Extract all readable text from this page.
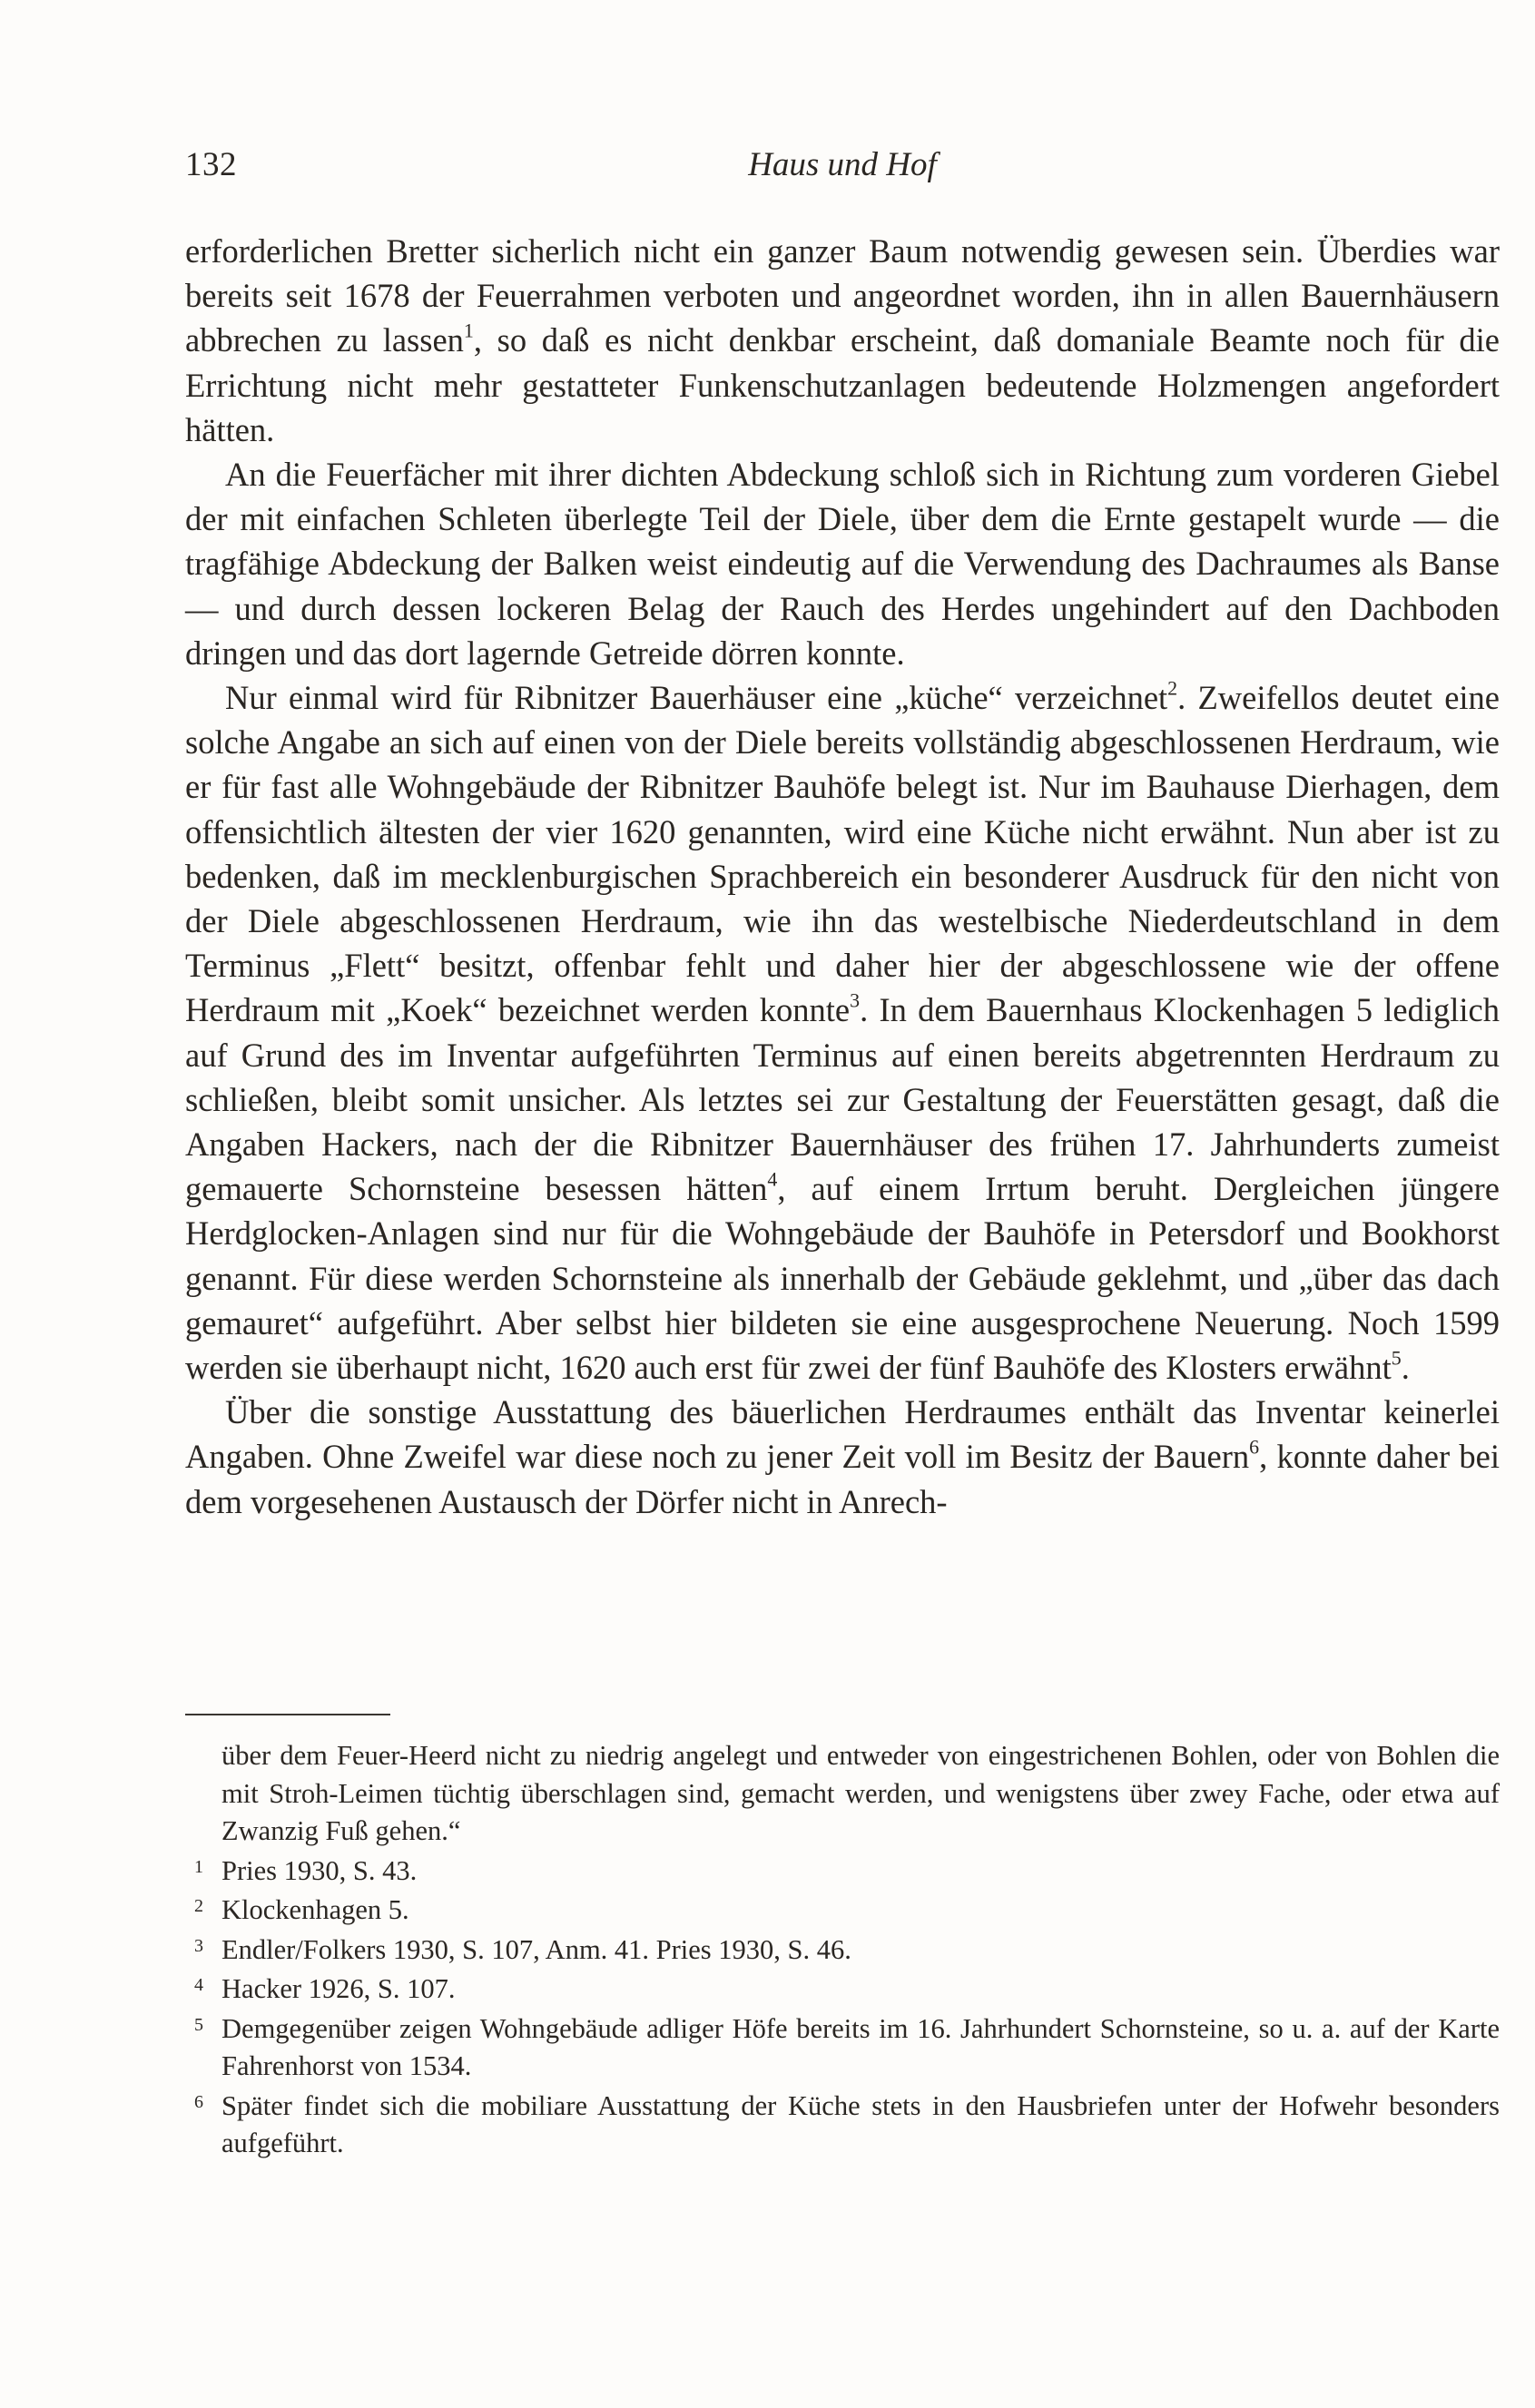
132	Haus und Hof

erforderlichen Bretter sicherlich nicht ein ganzer Baum notwendig gewesen sein. Überdies war bereits seit 1678 der Feuerrahmen verboten und angeordnet worden, ihn in allen Bauernhäusern abbrechen zu lassen$^1$, so daß es nicht denkbar erscheint, daß domaniale Beamte noch für die Errichtung nicht mehr gestatteter Funkenschutzanlagen bedeutende Holzmengen angefordert hätten.

An die Feuerfächer mit ihrer dichten Abdeckung schloß sich in Richtung zum vorderen Giebel der mit einfachen Schleten überlegte Teil der Diele, über dem die Ernte gestapelt wurde — die tragfähige Abdeckung der Balken weist eindeutig auf die Verwendung des Dachraumes als Banse — und durch dessen lockeren Belag der Rauch des Herdes ungehindert auf den Dachboden dringen und das dort lagernde Getreide dörren konnte.

Nur einmal wird für Ribnitzer Bauerhäuser eine „küche“ verzeichnet$^2$. Zweifellos deutet eine solche Angabe an sich auf einen von der Diele bereits vollständig abgeschlossenen Herdraum, wie er für fast alle Wohngebäude der Ribnitzer Bauhöfe belegt ist. Nur im Bauhause Dierhagen, dem offensichtlich ältesten der vier 1620 genannten, wird eine Küche nicht erwähnt. Nun aber ist zu bedenken, daß im mecklenburgischen Sprachbereich ein besonderer Ausdruck für den nicht von der Diele abgeschlossenen Herdraum, wie ihn das westelbische Niederdeutschland in dem Terminus „Flett“ besitzt, offenbar fehlt und daher hier der abgeschlossene wie der offene Herdraum mit „Koek“ bezeichnet werden konnte$^3$. In dem Bauernhaus Klockenhagen 5 lediglich auf Grund des im Inventar aufgeführten Terminus auf einen bereits abgetrennten Herdraum zu schließen, bleibt somit unsicher. Als letztes sei zur Gestaltung der Feuerstätten gesagt, daß die Angaben Hackers, nach der die Ribnitzer Bauernhäuser des frühen 17. Jahrhunderts zumeist gemauerte Schornsteine besessen hätten$^4$, auf einem Irrtum beruht. Dergleichen jüngere Herdglocken-Anlagen sind nur für die Wohngebäude der Bauhöfe in Petersdorf und Bookhorst genannt. Für diese werden Schornsteine als innerhalb der Gebäude geklehmt, und „über das dach gemauret“ aufgeführt. Aber selbst hier bildeten sie eine ausgesprochene Neuerung. Noch 1599 werden sie überhaupt nicht, 1620 auch erst für zwei der fünf Bauhöfe des Klosters erwähnt$^5$.

Über die sonstige Ausstattung des bäuerlichen Herdraumes enthält das Inventar keinerlei Angaben. Ohne Zweifel war diese noch zu jener Zeit voll im Besitz der Bauern$^6$, konnte daher bei dem vorgesehenen Austausch der Dörfer nicht in Anrech-

über dem Feuer-Heerd nicht zu niedrig angelegt und entweder von eingestrichenen Bohlen, oder von Bohlen die mit Stroh-Leimen tüchtig überschlagen sind, gemacht werden, und wenigstens über zwey Fache, oder etwa auf Zwanzig Fuß gehen.“

1 Pries 1930, S. 43.

2 Klockenhagen 5.

3 Endler/Folkers 1930, S. 107, Anm. 41. Pries 1930, S. 46.

4 Hacker 1926, S. 107.

5 Demgegenüber zeigen Wohngebäude adliger Höfe bereits im 16. Jahrhundert Schornsteine, so u. a. auf der Karte Fahrenhorst von 1534.

6 Später findet sich die mobiliare Ausstattung der Küche stets in den Hausbriefen unter der Hofwehr besonders aufgeführt.
